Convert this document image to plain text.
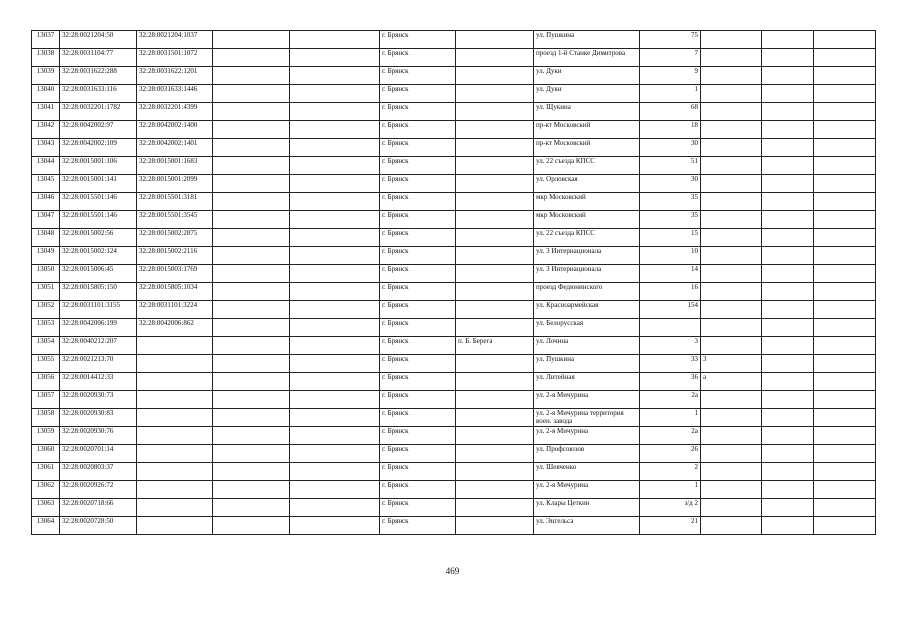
13037	32:28:0021204:50	32:28:0021204:1037			г. Брянск		ул. Пушкина	75			
13038	32:28:0031104:77	32:28:0031501:1072			г. Брянск		проезд 1-й Станке Димитрова	7			
13039	32:28:0031622:288	32:28:0031622:1201			г. Брянск		ул. Дуки	9			
13040	32:28:0031633:116	32:28:0031633:1446			г. Брянск		ул. Дуки	1			
13041	32:28:0032201:1782	32:28:0032201:4399			г. Брянск		ул. Щукина	68			
13042	32:28:0042002:97	32:28:0042002:1400			г. Брянск		пр-кт Московский	18			
13043	32:28:0042002:109	32:28:0042002:1401			г. Брянск		пр-кт Московский	30			
13044	32:28:0015001:106	32:28:0015001:1683			г. Брянск		ул. 22 съезда КПСС	51			
13045	32:28:0015001:141	32:28:0015001:2099			г. Брянск		ул. Орловская	30			
13046	32:28:0015501:146	32:28:0015501:3181			г. Брянск		мкр Московский	35			
13047	32:28:0015501:146	32:28:0015501:3545			г. Брянск		мкр Московский	35			
13048	32:28:0015002:56	32:28:0015002:2875			г. Брянск		ул. 22 съезда КПСС	15			
13049	32:28:0015002:124	32:28:0015002:2116			г. Брянск		ул. 3 Интернационала	10			
13050	32:28:0015006:45	32:28:0015003:1769			г. Брянск		ул. 3 Интернационала	14			
13051	32:28:0015805:150	32:28:0015805:1034			г. Брянск		проезд Федюнинского	16			
13052	32:28:0031101:3155	32:28:0031101:3224			г. Брянск		ул. Красноармейская	154			
13053	32:28:0042006:199	32:28:0042006:862			г. Брянск		ул. Белорусская				
13054	32:28:0040212:207				г. Брянск	п. Б. Берега	ул. Лочина	3			
13055	32:28:0021213:70				г. Брянск		ул. Пушкина	33	3		
13056	32:28:0014412:33				г. Брянск		ул. Литейная	36	а		
13057	32:28:0020930:73				г. Брянск		ул. 2-я Мичурина	2а			
13058	32:28:0020930:83				г. Брянск		ул. 2-я Мичурина территория воен. завода	1			
13059	32:28:0020930:76				г. Брянск		ул. 2-я Мичурина	2а			
13060	32:28:0020701:14				г. Брянск		ул. Профсоюзов	26			
13061	32:28:0020803:37				г. Брянск		ул. Шевченко	2			
13062	32:28:0020926:72				г. Брянск		ул. 2-я Мичурина	1			
13063	32:28:0020718:66				г. Брянск		ул. Клары Цеткин	з/д 2			
13064	32:28:0020728:50				г. Брянск		ул. Энгельса	21			
469
